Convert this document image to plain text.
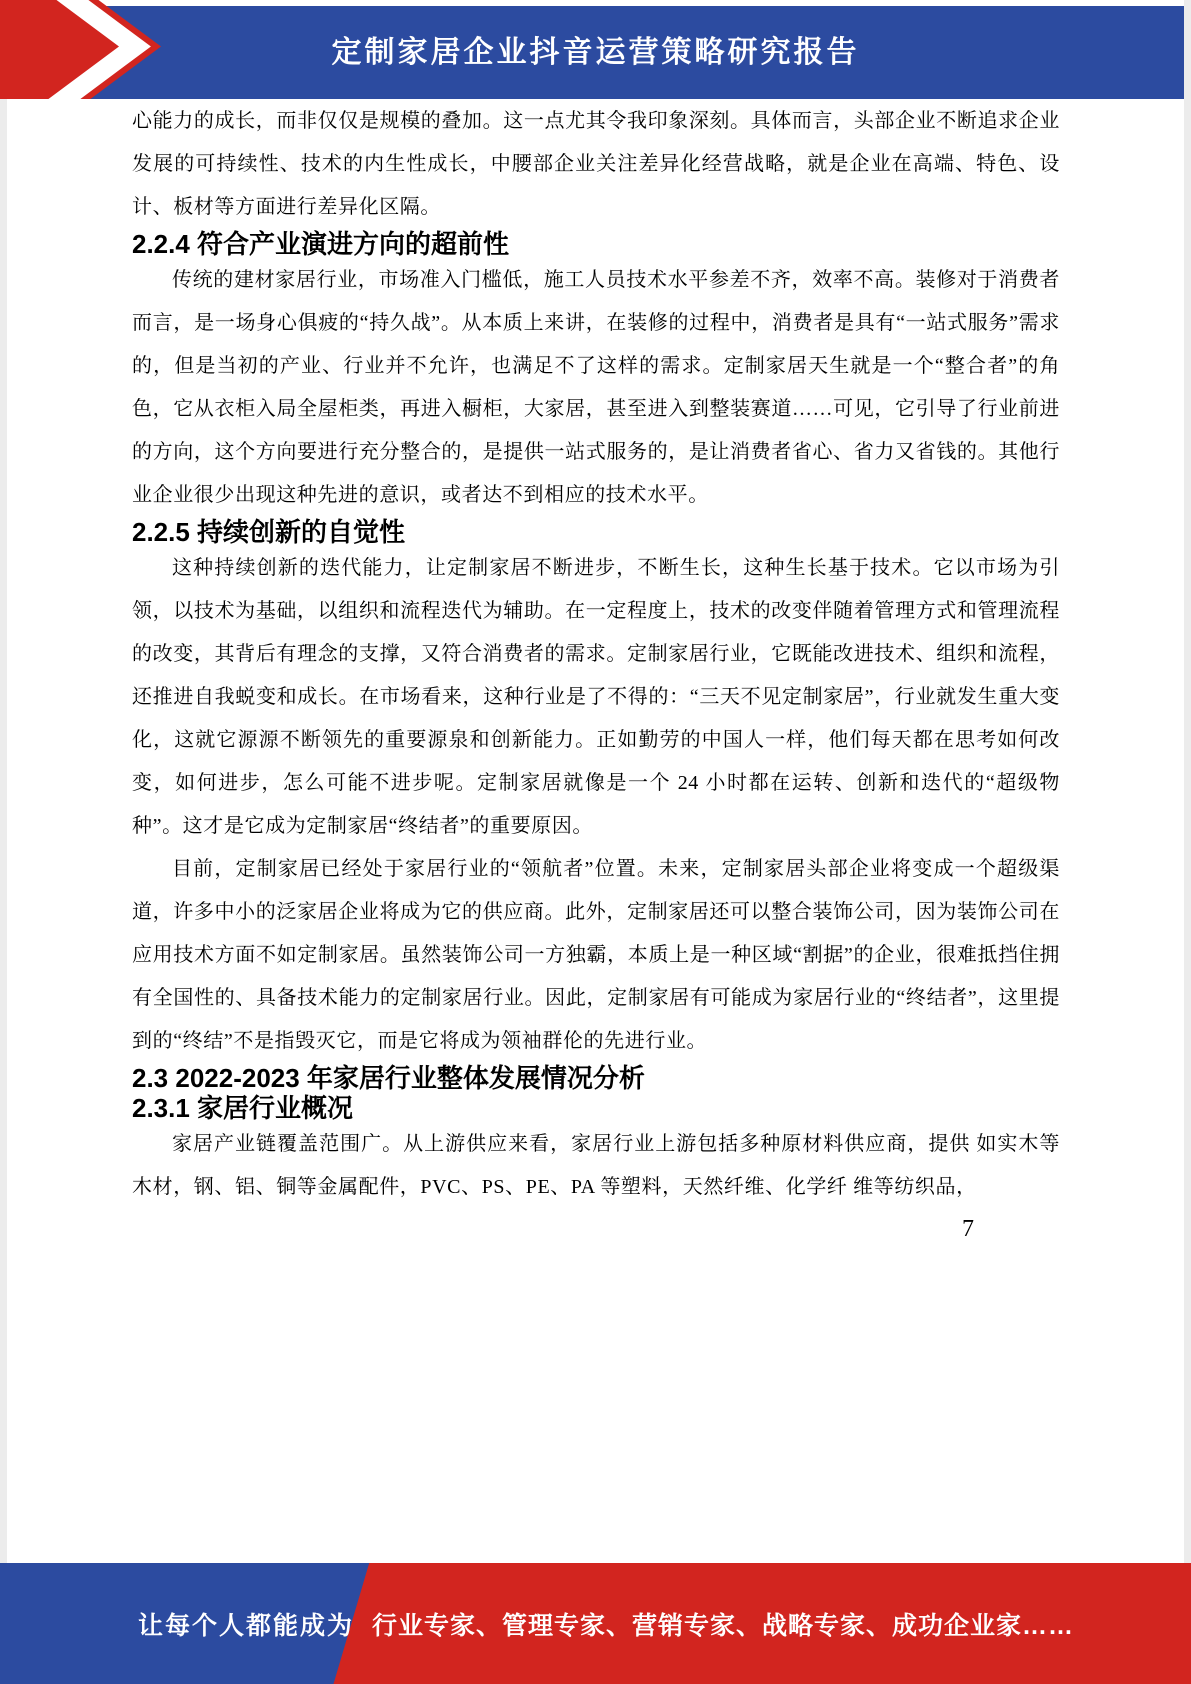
定制家居企业抖音运营策略研究报告

心能力的成长，而非仅仅是规模的叠加。这一点尤其令我印象深刻。具体而言，头部企业不断追求企业发展的可持续性、技术的内生性成长，中腰部企业关注差异化经营战略，就是企业在高端、特色、设计、板材等方面进行差异化区隔。

2.2.4 符合产业演进方向的超前性

传统的建材家居行业，市场准入门槛低，施工人员技术水平参差不齐，效率不高。装修对于消费者而言，是一场身心俱疲的“持久战”。从本质上来讲，在装修的过程中，消费者是具有“一站式服务”需求的，但是当初的产业、行业并不允许，也满足不了这样的需求。定制家居天生就是一个“整合者”的角色，它从衣柜入局全屋柜类，再进入橱柜，大家居，甚至进入到整装赛道……可见，它引导了行业前进的方向，这个方向要进行充分整合的，是提供一站式服务的，是让消费者省心、省力又省钱的。其他行业企业很少出现这种先进的意识，或者达不到相应的技术水平。

2.2.5 持续创新的自觉性

这种持续创新的迭代能力，让定制家居不断进步，不断生长，这种生长基于技术。它以市场为引领，以技术为基础，以组织和流程迭代为辅助。在一定程度上，技术的改变伴随着管理方式和管理流程的改变，其背后有理念的支撑，又符合消费者的需求。定制家居行业，它既能改进技术、组织和流程，还推进自我蜕变和成长。在市场看来，这种行业是了不得的：“三天不见定制家居”，行业就发生重大变化，这就它源源不断领先的重要源泉和创新能力。正如勤劳的中国人一样，他们每天都在思考如何改变，如何进步，怎么可能不进步呢。定制家居就像是一个 24 小时都在运转、创新和迭代的“超级物种”。这才是它成为定制家居“终结者”的重要原因。

目前，定制家居已经处于家居行业的“领航者”位置。未来，定制家居头部企业将变成一个超级渠道，许多中小的泛家居企业将成为它的供应商。此外，定制家居还可以整合装饰公司，因为装饰公司在应用技术方面不如定制家居。虽然装饰公司一方独霸，本质上是一种区域“割据”的企业，很难抵挡住拥有全国性的、具备技术能力的定制家居行业。因此，定制家居有可能成为家居行业的“终结者”，这里提到的“终结”不是指毁灭它，而是它将成为领袖群伦的先进行业。

2.3 2022-2023 年家居行业整体发展情况分析
2.3.1 家居行业概况

家居产业链覆盖范围广。从上游供应来看，家居行业上游包括多种原材料供应商，提供 如实木等木材，钢、铝、铜等金属配件，PVC、PS、PE、PA 等塑料，天然纤维、化学纤 维等纺织品，

7
让每个人都能成为 行业专家、管理专家、营销专家、战略专家、成功企业家……
